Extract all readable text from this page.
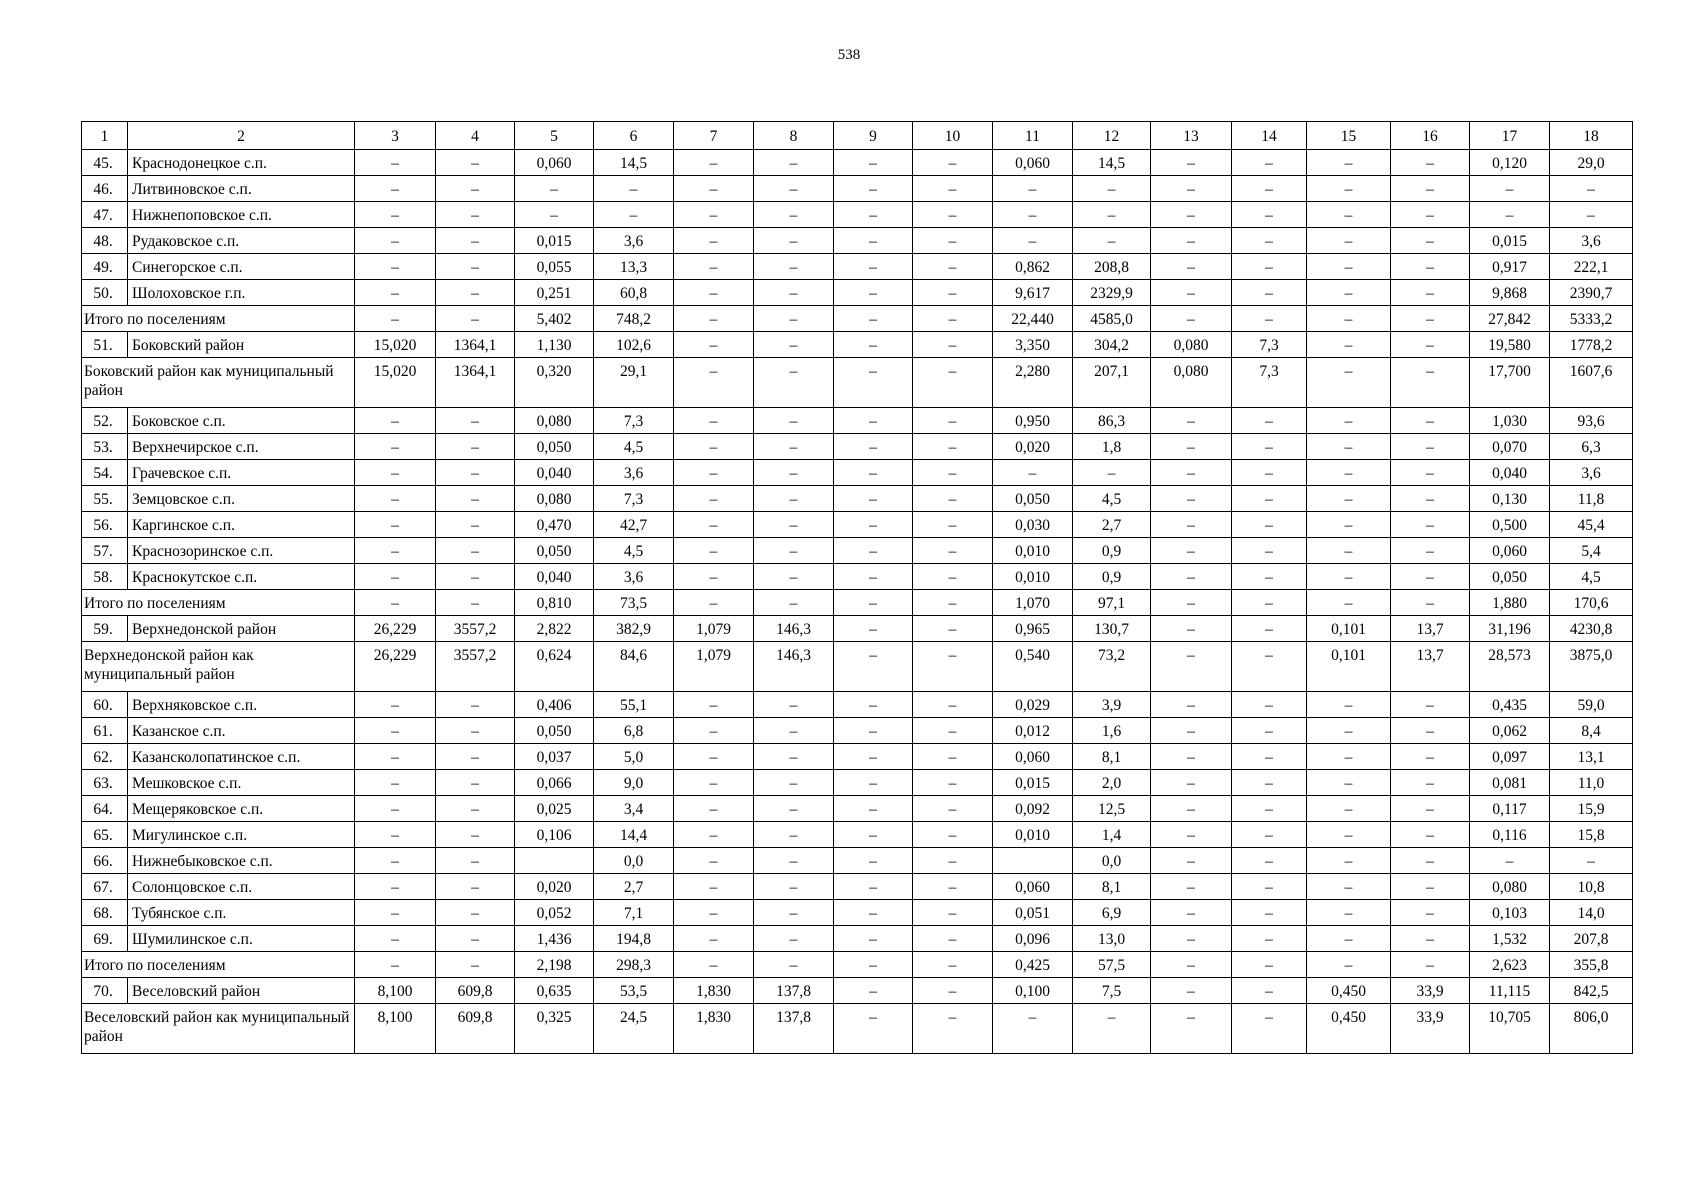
538
1	2	3	4	5	6	7	8	9	10	11	12	13	14	15	16	17	18
45.	Краснодонецкое с.п.	–	–	0,060	14,5	–	–	–	–	0,060	14,5	–	–	–	–	0,120	29,0
46.	Литвиновское с.п.	–	–	–	–	–	–	–	–	–	–	–	–	–	–	–	–
47.	Нижнепоповское с.п.	–	–	–	–	–	–	–	–	–	–	–	–	–	–	–	–
48.	Рудаковское с.п.	–	–	0,015	3,6	–	–	–	–	–	–	–	–	–	–	0,015	3,6
49.	Синегорское с.п.	–	–	0,055	13,3	–	–	–	–	0,862	208,8	–	–	–	–	0,917	222,1
50.	Шолоховское г.п.	–	–	0,251	60,8	–	–	–	–	9,617	2329,9	–	–	–	–	9,868	2390,7
Итого по поселениям		–	–	5,402	748,2	–	–	–	–	22,440	4585,0	–	–	–	–	27,842	5333,2
51.	Боковский район	15,020	1364,1	1,130	102,6	–	–	–	–	3,350	304,2	0,080	7,3	–	–	19,580	1778,2
Боковский район как муниципальный район		15,020	1364,1	0,320	29,1	–	–	–	–	2,280	207,1	0,080	7,3	–	–	17,700	1607,6
52.	Боковское с.п.	–	–	0,080	7,3	–	–	–	–	0,950	86,3	–	–	–	–	1,030	93,6
53.	Верхнечирское с.п.	–	–	0,050	4,5	–	–	–	–	0,020	1,8	–	–	–	–	0,070	6,3
54.	Грачевское с.п.	–	–	0,040	3,6	–	–	–	–	–	–	–	–	–	–	0,040	3,6
55.	Земцовское с.п.	–	–	0,080	7,3	–	–	–	–	0,050	4,5	–	–	–	–	0,130	11,8
56.	Каргинское с.п.	–	–	0,470	42,7	–	–	–	–	0,030	2,7	–	–	–	–	0,500	45,4
57.	Краснозоринское с.п.	–	–	0,050	4,5	–	–	–	–	0,010	0,9	–	–	–	–	0,060	5,4
58.	Краснокутское с.п.	–	–	0,040	3,6	–	–	–	–	0,010	0,9	–	–	–	–	0,050	4,5
Итого по поселениям		–	–	0,810	73,5	–	–	–	–	1,070	97,1	–	–	–	–	1,880	170,6
59.	Верхнедонской район	26,229	3557,2	2,822	382,9	1,079	146,3	–	–	0,965	130,7	–	–	0,101	13,7	31,196	4230,8
Верхнедонской район как муниципальный район		26,229	3557,2	0,624	84,6	1,079	146,3	–	–	0,540	73,2	–	–	0,101	13,7	28,573	3875,0
60.	Верхняковское с.п.	–	–	0,406	55,1	–	–	–	–	0,029	3,9	–	–	–	–	0,435	59,0
61.	Казанское с.п.	–	–	0,050	6,8	–	–	–	–	0,012	1,6	–	–	–	–	0,062	8,4
62.	Казансколопатинское с.п.	–	–	0,037	5,0	–	–	–	–	0,060	8,1	–	–	–	–	0,097	13,1
63.	Мешковское с.п.	–	–	0,066	9,0	–	–	–	–	0,015	2,0	–	–	–	–	0,081	11,0
64.	Мещеряковское с.п.	–	–	0,025	3,4	–	–	–	–	0,092	12,5	–	–	–	–	0,117	15,9
65.	Мигулинское с.п.	–	–	0,106	14,4	–	–	–	–	0,010	1,4	–	–	–	–	0,116	15,8
66.	Нижнебыковское с.п.	–	–		0,0	–	–	–	–		0,0	–	–	–	–	–	–
67.	Солонцовское с.п.	–	–	0,020	2,7	–	–	–	–	0,060	8,1	–	–	–	–	0,080	10,8
68.	Тубянское с.п.	–	–	0,052	7,1	–	–	–	–	0,051	6,9	–	–	–	–	0,103	14,0
69.	Шумилинское с.п.	–	–	1,436	194,8	–	–	–	–	0,096	13,0	–	–	–	–	1,532	207,8
Итого по поселениям		–	–	2,198	298,3	–	–	–	–	0,425	57,5	–	–	–	–	2,623	355,8
70.	Веселовский район	8,100	609,8	0,635	53,5	1,830	137,8	–	–	0,100	7,5	–	–	0,450	33,9	11,115	842,5
Веселовский район как муниципальный район		8,100	609,8	0,325	24,5	1,830	137,8	–	–	–	–	–	–	0,450	33,9	10,705	806,0
